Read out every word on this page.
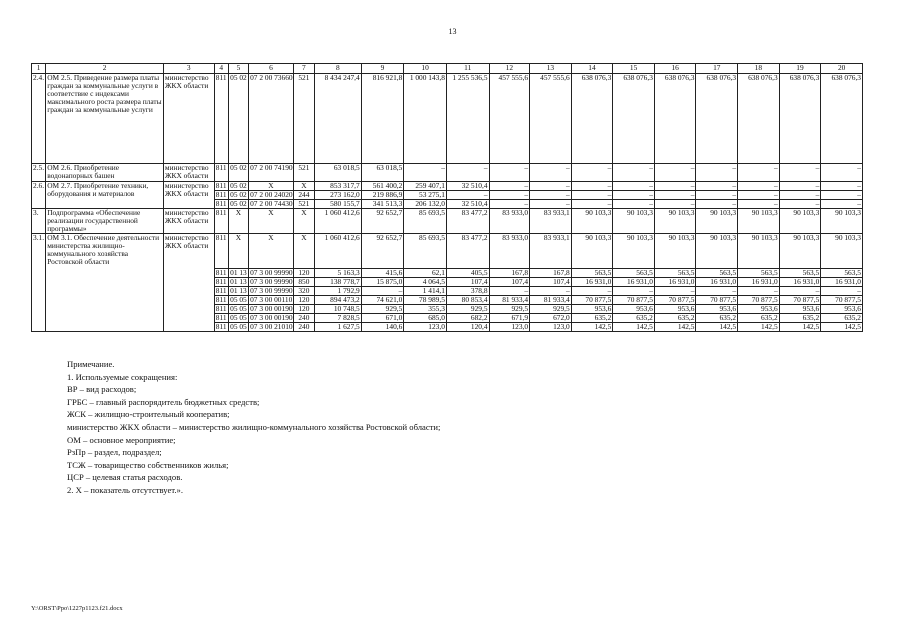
13
1	2	3	4	5	6	7	8	9	10	11	12	13	14	15	16	17	18	19	20
2.4.	ОМ 2.5. Приведение размера платы граждан за коммунальные услуги в соответствие с индексами максимального роста размера платы граждан за коммунальные услуги	министерство ЖКХ области	811	05 02	07 2 00 73660	521	8 434 247,4	816 921,8	1 000 143,8	1 255 536,5	457 555,6	457 555,6	638 076,3	638 076,3	638 076,3	638 076,3	638 076,3	638 076,3	638 076,3
2.5.	ОМ 2.6. Приобретение водонапорных башен	министерство ЖКХ области	811	05 02	07 2 00 74190	521	63 018,5	63 018,5	–	–	–	–	–	–	–	–	–	–	–
2.6.	ОМ 2.7. Приобретение техники, оборудования и материалов	министерство ЖКХ области	811	05 02	Х	Х	853 317,7	561 400,2	259 407,1	32 510,4	–	–	–	–	–	–	–	–	–
			811	05 02	07 2 00 24020	244	273 162,0	219 886,9	53 275,1	–	–	–	–	–	–	–	–	–	–
			811	05 02	07 2 00 74430	521	580 155,7	341 513,3	206 132,0	32 510,4	–	–	–	–	–	–	–	–	–
3.	Подпрограмма «Обеспечение реализации государственной программы»	министерство ЖКХ области	811	Х	Х	Х	1 060 412,6	92 652,7	85 693,5	83 477,2	83 933,0	83 933,1	90 103,3	90 103,3	90 103,3	90 103,3	90 103,3	90 103,3	90 103,3
3.1.	ОМ 3.1. Обеспечение деятельности министерства жилищно-коммунального хозяйства Ростовской области	министерство ЖКХ области	811	Х	Х	Х	1 060 412,6	92 652,7	85 693,5	83 477,2	83 933,0	83 933,1	90 103,3	90 103,3	90 103,3	90 103,3	90 103,3	90 103,3	90 103,3
			811	01 13	07 3 00 99990	120	5 163,3	415,6	62,1	405,5	167,8	167,8	563,5	563,5	563,5	563,5	563,5	563,5	563,5
			811	01 13	07 3 00 99990	850	138 778,7	15 875,0	4 064,5	107,4	107,4	107,4	16 931,0	16 931,0	16 931,0	16 931,0	16 931,0	16 931,0	16 931,0
			811	01 13	07 3 00 99990	320	1 792,9	–	1 414,1	378,8	–	–	–	–	–	–	–	–	–
			811	05 05	07 3 00 00110	120	894 473,2	74 621,0	78 989,5	80 853,4	81 933,4	81 933,4	70 877,5	70 877,5	70 877,5	70 877,5	70 877,5	70 877,5	70 877,5
			811	05 05	07 3 00 00190	120	10 748,5	929,5	355,3	929,5	929,5	929,5	953,6	953,6	953,6	953,6	953,6	953,6	953,6
			811	05 05	07 3 00 00190	240	7 828,5	671,0	685,0	682,2	671,9	672,0	635,2	635,2	635,2	635,2	635,2	635,2	635,2
			811	05 05	07 3 00 21010	240	1 627,5	140,6	123,0	120,4	123,0	123,0	142,5	142,5	142,5	142,5	142,5	142,5	142,5
Примечание.
1. Используемые сокращения:
ВР – вид расходов;
ГРБС – главный распорядитель бюджетных средств;
ЖСК – жилищно-строительный кооператив;
министерство ЖКХ области – министерство жилищно-коммунального хозяйства Ростовской области;
ОМ – основное мероприятие;
РзПр – раздел, подраздел;
ТСЖ – товарищество собственников жилья;
ЦСР – целевая статья расходов.
2. Х – показатель отсутствует.».
Y:\ORST\Ppo\1227p1123.f21.docx
